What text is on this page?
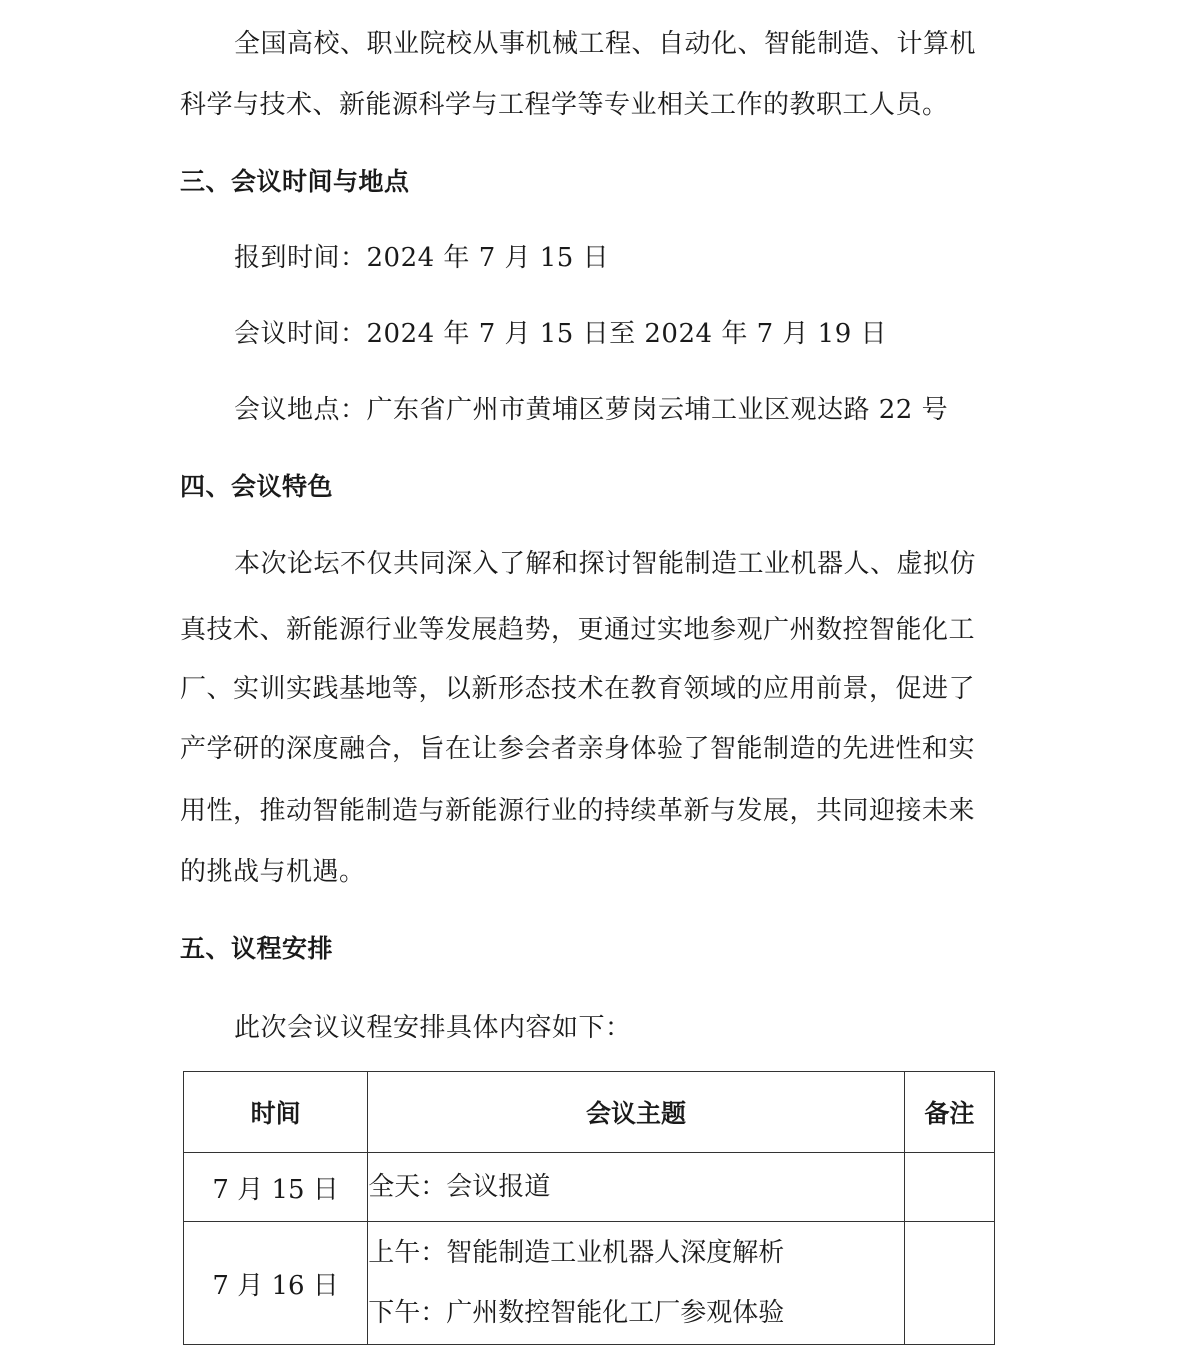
全国高校、职业院校从事机械工程、自动化、智能制造、计算机
科学与技术、新能源科学与工程学等专业相关工作的教职工人员。
三、会议时间与地点
报到时间：2024 年 7 月 15 日
会议时间：2024 年 7 月 15 日至 2024 年 7 月 19 日
会议地点：广东省广州市黄埔区萝岗云埔工业区观达路 22 号
四、会议特色
本次论坛不仅共同深入了解和探讨智能制造工业机器人、虚拟仿
真技术、新能源行业等发展趋势，更通过实地参观广州数控智能化工
厂、实训实践基地等，以新形态技术在教育领域的应用前景，促进了
产学研的深度融合，旨在让参会者亲身体验了智能制造的先进性和实
用性，推动智能制造与新能源行业的持续革新与发展，共同迎接未来
的挑战与机遇。
五、议程安排
此次会议议程安排具体内容如下：
时间	会议主题	备注
7 月 15 日	全天：会议报道	

7 月 16 日	上午：智能制造工业机器人深度解析
下午：广州数控智能化工厂参观体验	
